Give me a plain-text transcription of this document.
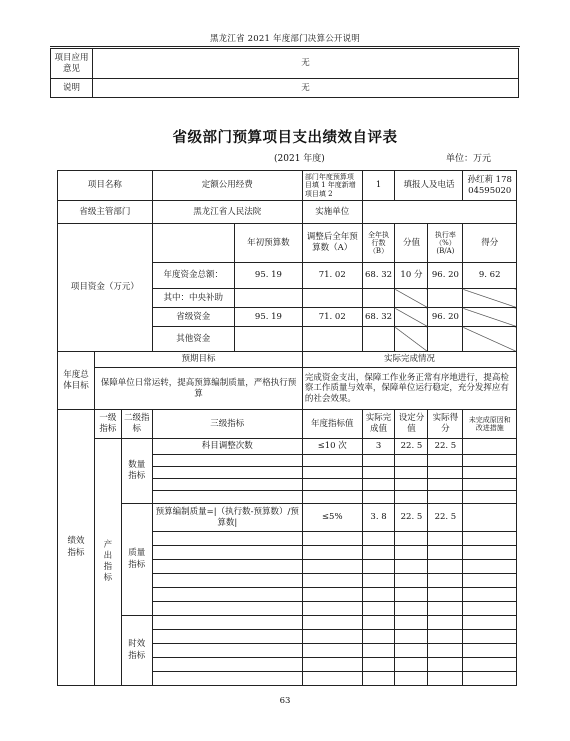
黑龙江省 2021 年度部门决算公开说明
项目应用意见	无
说明	无
省级部门预算项目支出绩效自评表
(2021 年度)	单位：万元
项目名称			定额公用经费		部门年度预算项目填 1 年度新增项目填 2	1	填报人及电话		孙红莉 17804595020
省级主管部门			黑龙江省人民法院		实施单位				
项目资金（万元）				年初预算数	调整后全年预算数（A）	全年执行数（B）	分值	执行率（%）(B/A)	得分
			年度资金总额：	95. 19	71. 02	68. 32	10 分	96. 20	9. 62
			其中：中央补助						
			省级资金	95. 19	71. 02	68. 32		96. 20	
			其他资金						
年度总体目标	预期目标				实际完成情况				
	保障单位日常运转，提高预算编制质量，严格执行预算				完成资金支出，保障工作业务正常有序地进行，提高检察工作质量与效率，保障单位运行稳定，充分发挥应有的社会效果。				
绩效指标	一级指标	二级指标	三级指标		年度指标值	实际完成值	设定分值	实际得分	未完成原因和改进措施
	产出指标	数量指标	科目调整次数		≤10 次	3	22. 5	22. 5	

		质量指标	预算编制质量=|（执行数-预算数）/预算数|		≤5%	3. 8	22. 5	22. 5	

		时效指标							

63
